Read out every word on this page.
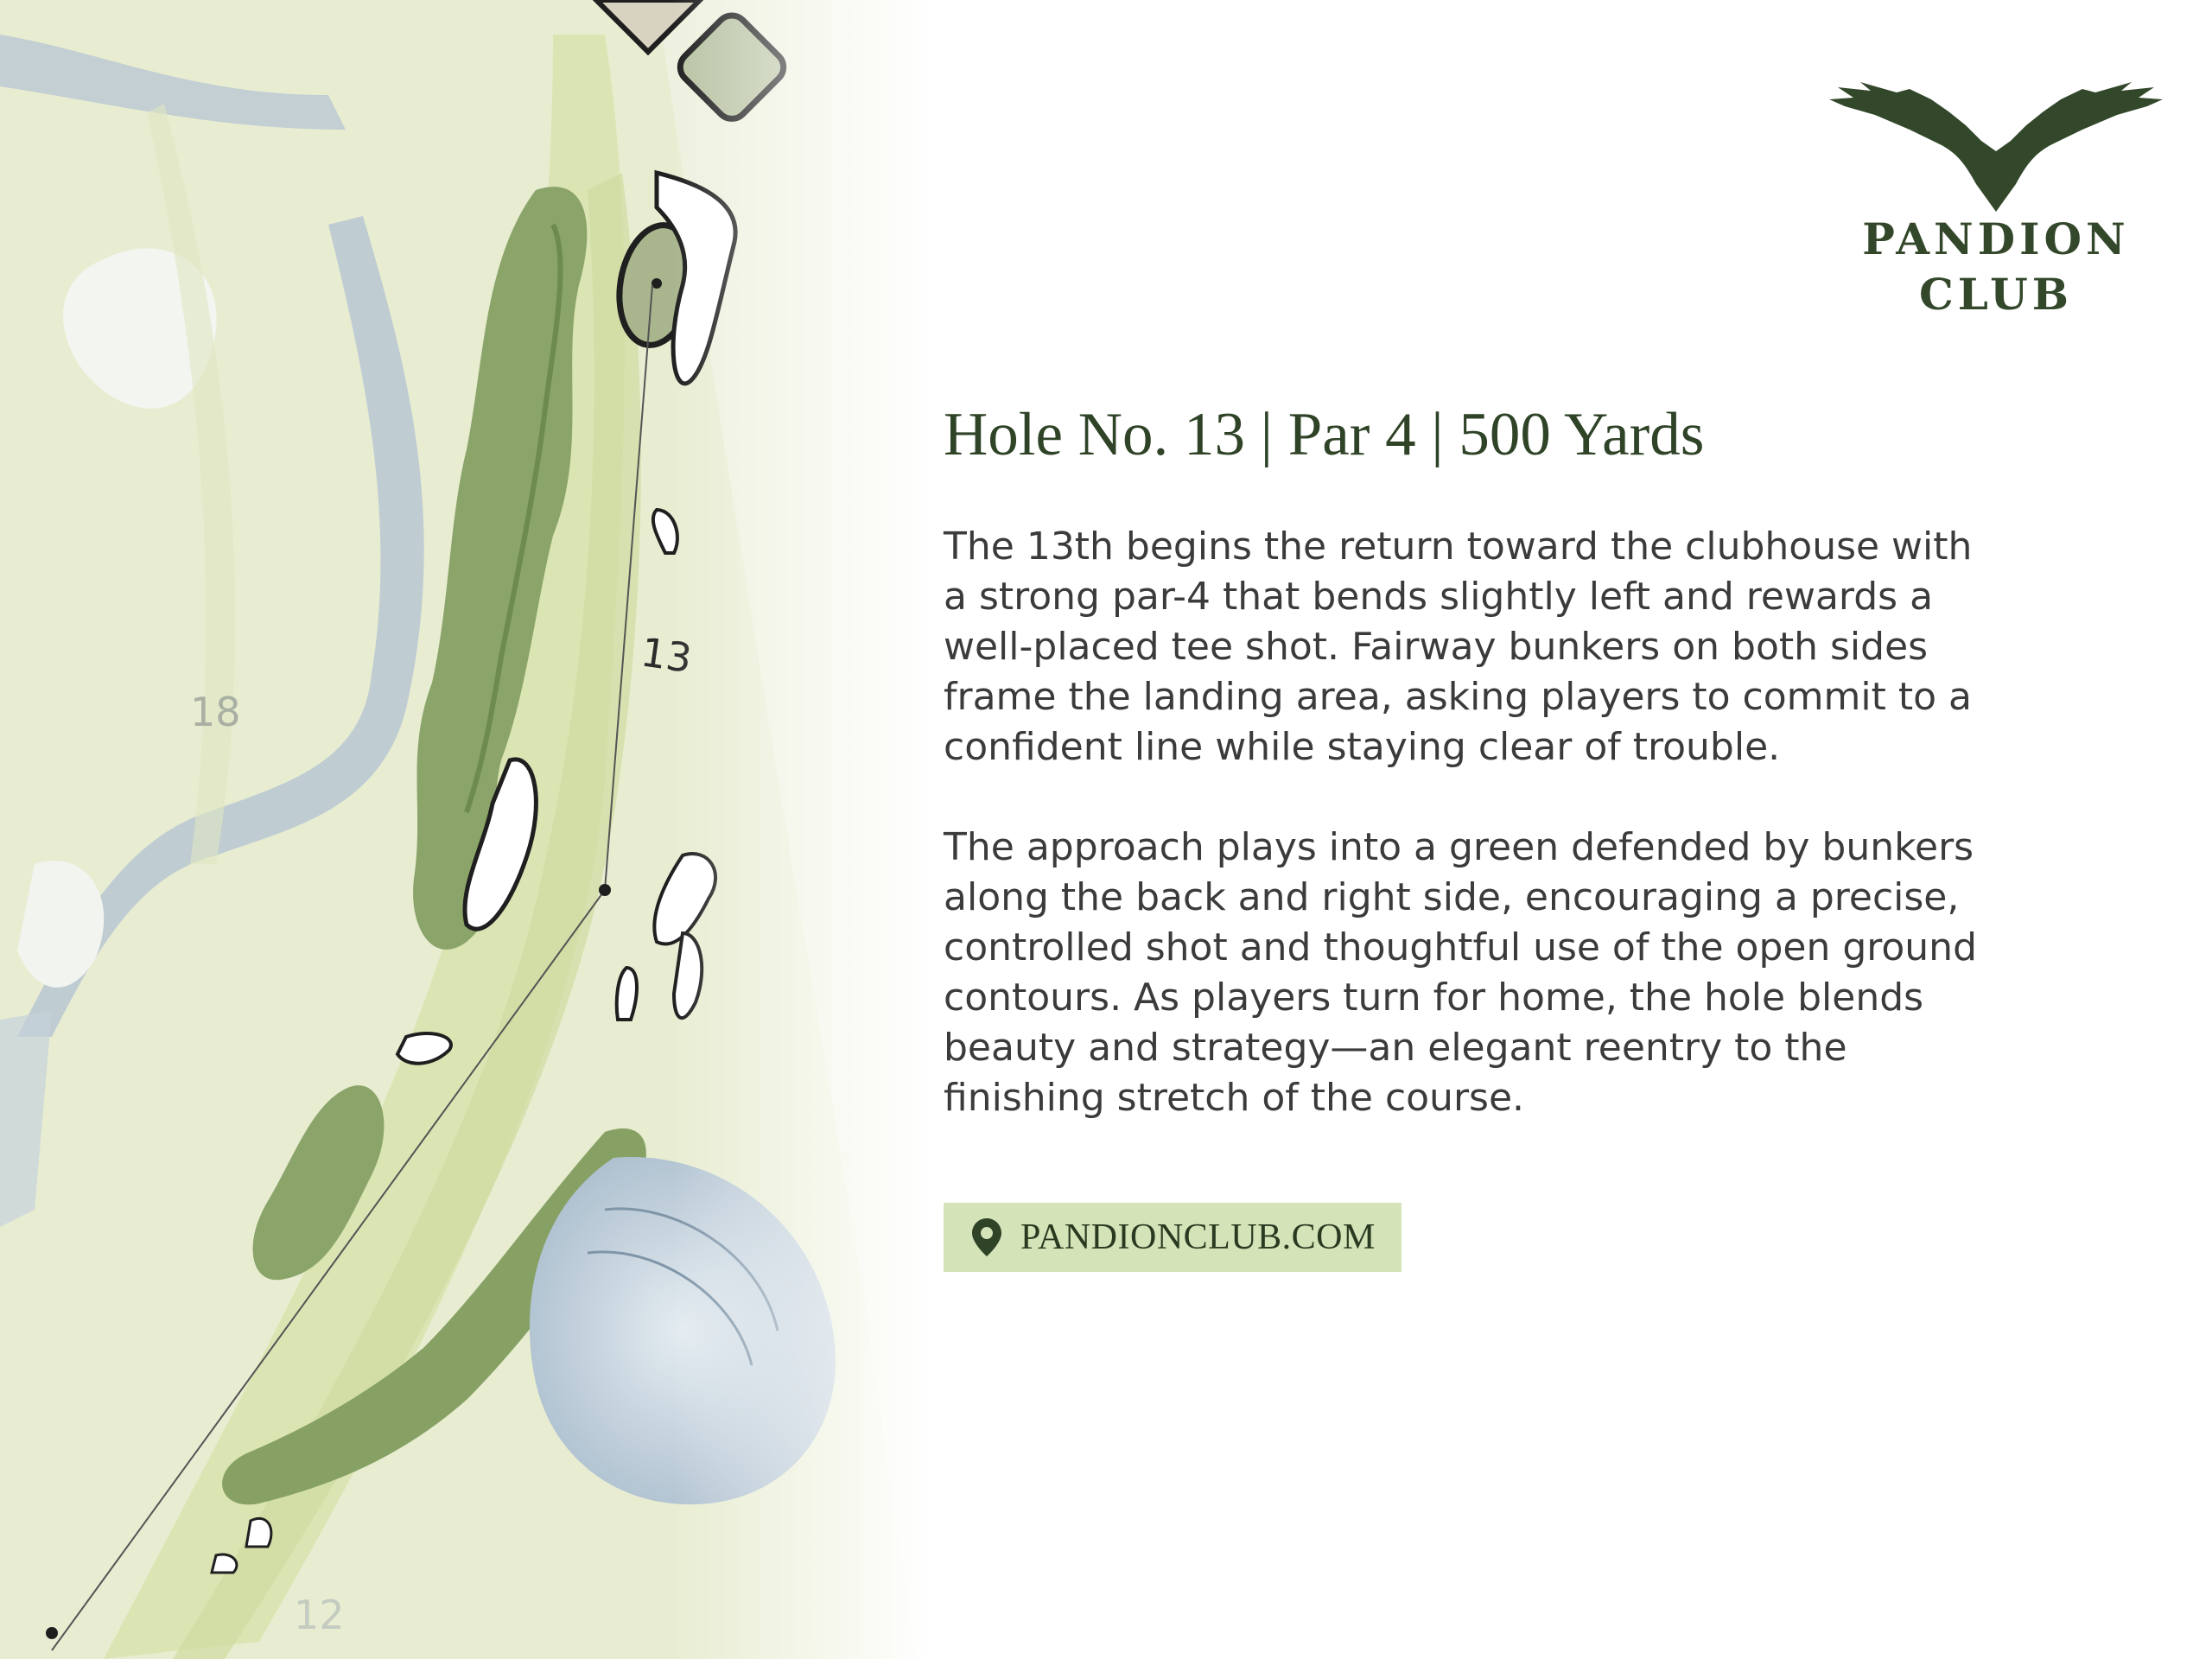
PANDION
CLUB
Hole No. 13 | Par 4 | 500 Yards

The 13th begins the return toward the clubhouse with a strong par-4 that bends slightly left and rewards a well-placed tee shot. Fairway bunkers on both sides frame the landing area, asking players to commit to a confident line while staying clear of trouble.

The approach plays into a green defended by bunkers along the back and right side, encouraging a precise, controlled shot and thoughtful use of the open ground contours. As players turn for home, the hole blends beauty and strategy—an elegant reentry to the finishing stretch of the course.

PANDIONCLUB.COM
